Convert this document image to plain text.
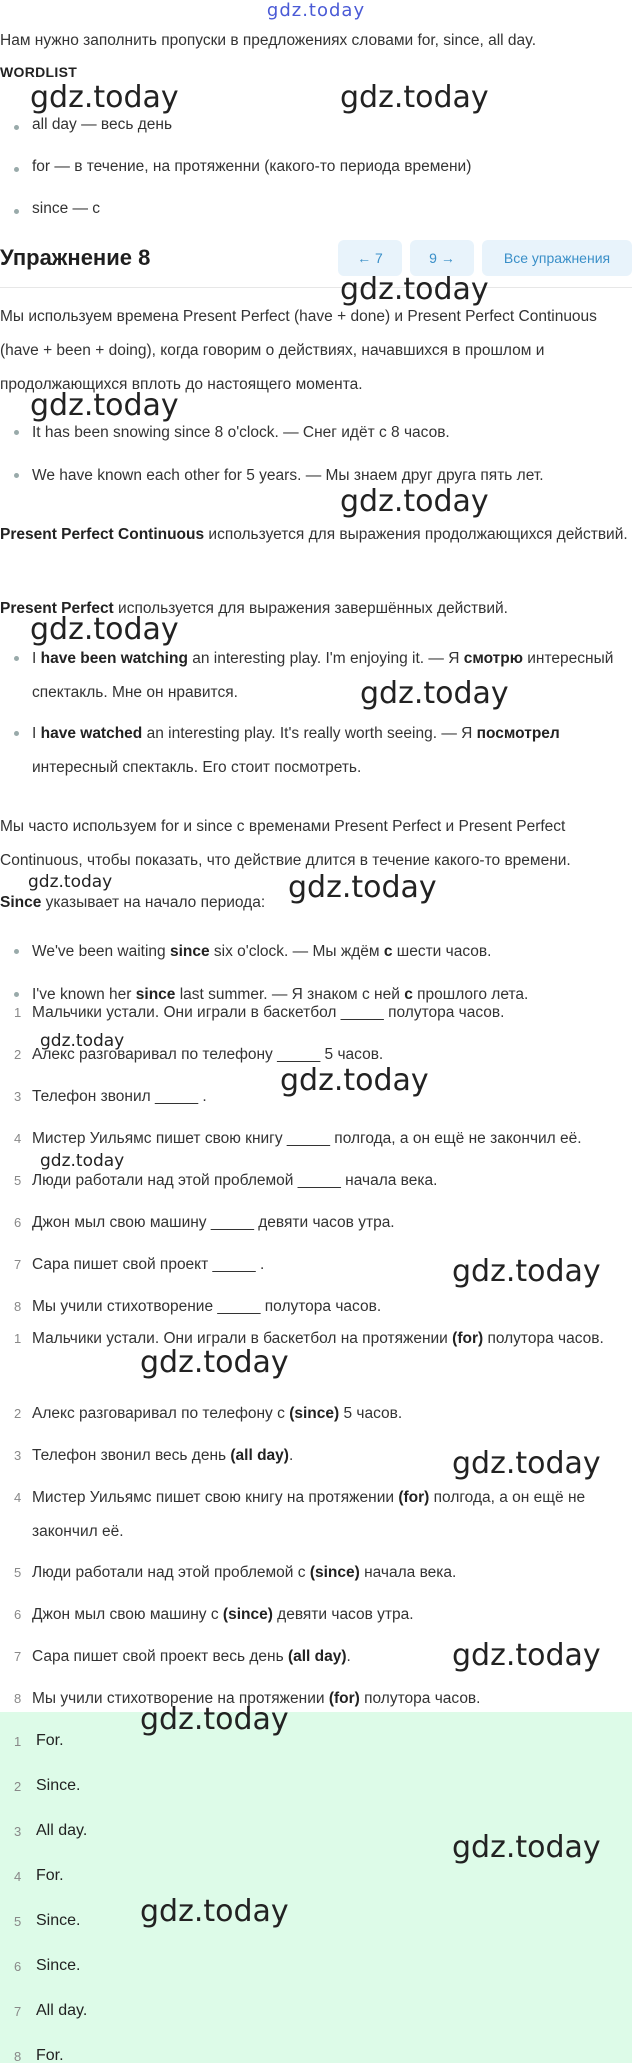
gdz.today
Нам нужно заполнить пропуски в предложениях словами for, since, all day.
WORDLIST
all day — весь день
for — в течение, на протяженни (какого-то периода времени)
since — с
Упражнение 8	← 7	9 →	Все упражнения
Мы используем времена Present Perfect (have + done) и Present Perfect Continuous (have + been + doing), когда говорим о действиях, начавшихся в прошлом и продолжающихся вплоть до настоящего момента.
It has been snowing since 8 o'clock. — Снег идёт с 8 часов.
We have known each other for 5 years. — Мы знаем друг друга пять лет.
Present Perfect Continuous используется для выражения продолжающихся действий.
Present Perfect используется для выражения завершённых действий.
I have been watching an interesting play. I'm enjoying it. — Я смотрю интересный спектакль. Мне он нравится.
I have watched an interesting play. It's really worth seeing. — Я посмотрел интересный спектакль. Его стоит посмотреть.
Мы часто используем for и since с временами Present Perfect и Present Perfect Continuous, чтобы показать, что действие длится в течение какого-то времени.
Since указывает на начало периода:
We've been waiting since six o'clock. — Мы ждём с шести часов.
I've known her since last summer. — Я знаком с ней с прошлого лета.
1 Мальчики устали. Они играли в баскетбол _____ полутора часов.
2 Алекс разговаривал по телефону _____ 5 часов.
3 Телефон звонил _____ .
4 Мистер Уильямс пишет свою книгу _____ полгода, а он ещё не закончил её.
5 Люди работали над этой проблемой _____ начала века.
6 Джон мыл свою машину _____ девяти часов утра.
7 Сара пишет свой проект _____ .
8 Мы учили стихотворение _____ полутора часов.
1 Мальчики устали. Они играли в баскетбол на протяжении (for) полутора часов.
2 Алекс разговаривал по телефону с (since) 5 часов.
3 Телефон звонил весь день (all day).
4 Мистер Уильямс пишет свою книгу на протяжении (for) полгода, а он ещё не закончил её.
5 Люди работали над этой проблемой с (since) начала века.
6 Джон мыл свою машину с (since) девяти часов утра.
7 Сара пишет свой проект весь день (all day).
8 Мы учили стихотворение на протяжении (for) полутора часов.
1 For.
2 Since.
3 All day.
4 For.
5 Since.
6 Since.
7 All day.
8 For.
gdz.today	gdz.today
gdz.today
gdz.today
gdz.today
gdz.today
gdz.today
gdz.today	gdz.today
gdz.today
gdz.today
gdz.today
gdz.today
gdz.today
gdz.today
gdz.today
gdz.today
gdz.today
gdz.today
